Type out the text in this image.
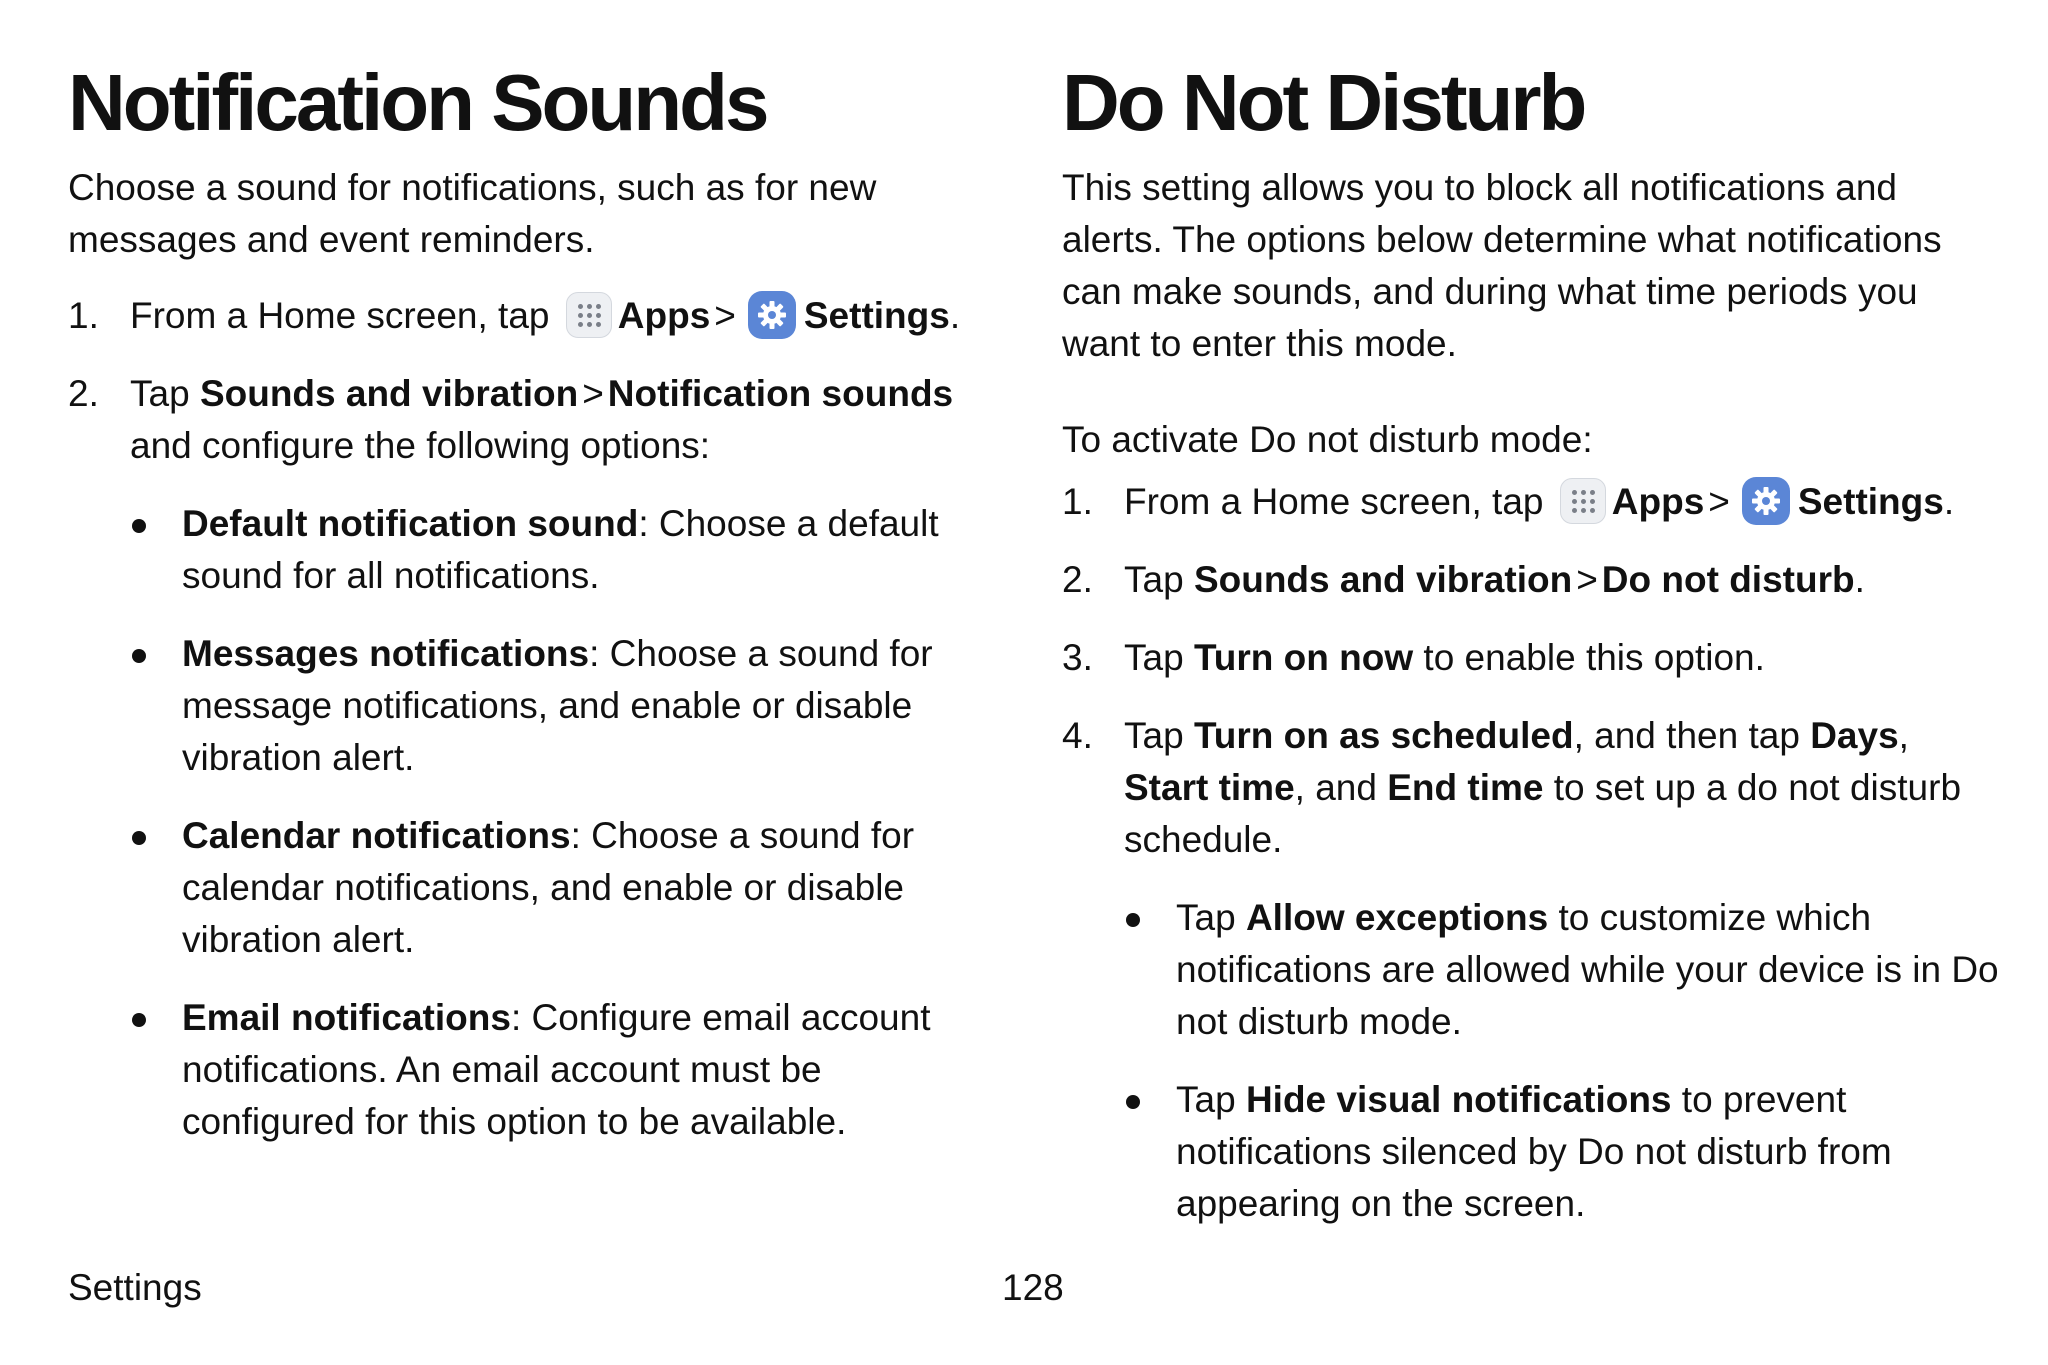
Notification Sounds

Choose a sound for notifications, such as for new messages and event reminders.

1. From a Home screen, tap Apps > Settings.
2. Tap Sounds and vibration > Notification sounds and configure the following options:
Default notification sound: Choose a default sound for all notifications.
Messages notifications: Choose a sound for message notifications, and enable or disable vibration alert.
Calendar notifications: Choose a sound for calendar notifications, and enable or disable vibration alert.
Email notifications: Configure email account notifications. An email account must be configured for this option to be available.
Do Not Disturb

This setting allows you to block all notifications and alerts. The options below determine what notifications can make sounds, and during what time periods you want to enter this mode.

To activate Do not disturb mode:

1. From a Home screen, tap Apps > Settings.
2. Tap Sounds and vibration > Do not disturb.
3. Tap Turn on now to enable this option.
4. Tap Turn on as scheduled, and then tap Days, Start time, and End time to set up a do not disturb schedule.
Tap Allow exceptions to customize which notifications are allowed while your device is in Do not disturb mode.
Tap Hide visual notifications to prevent notifications silenced by Do not disturb from appearing on the screen.
Settings	128
